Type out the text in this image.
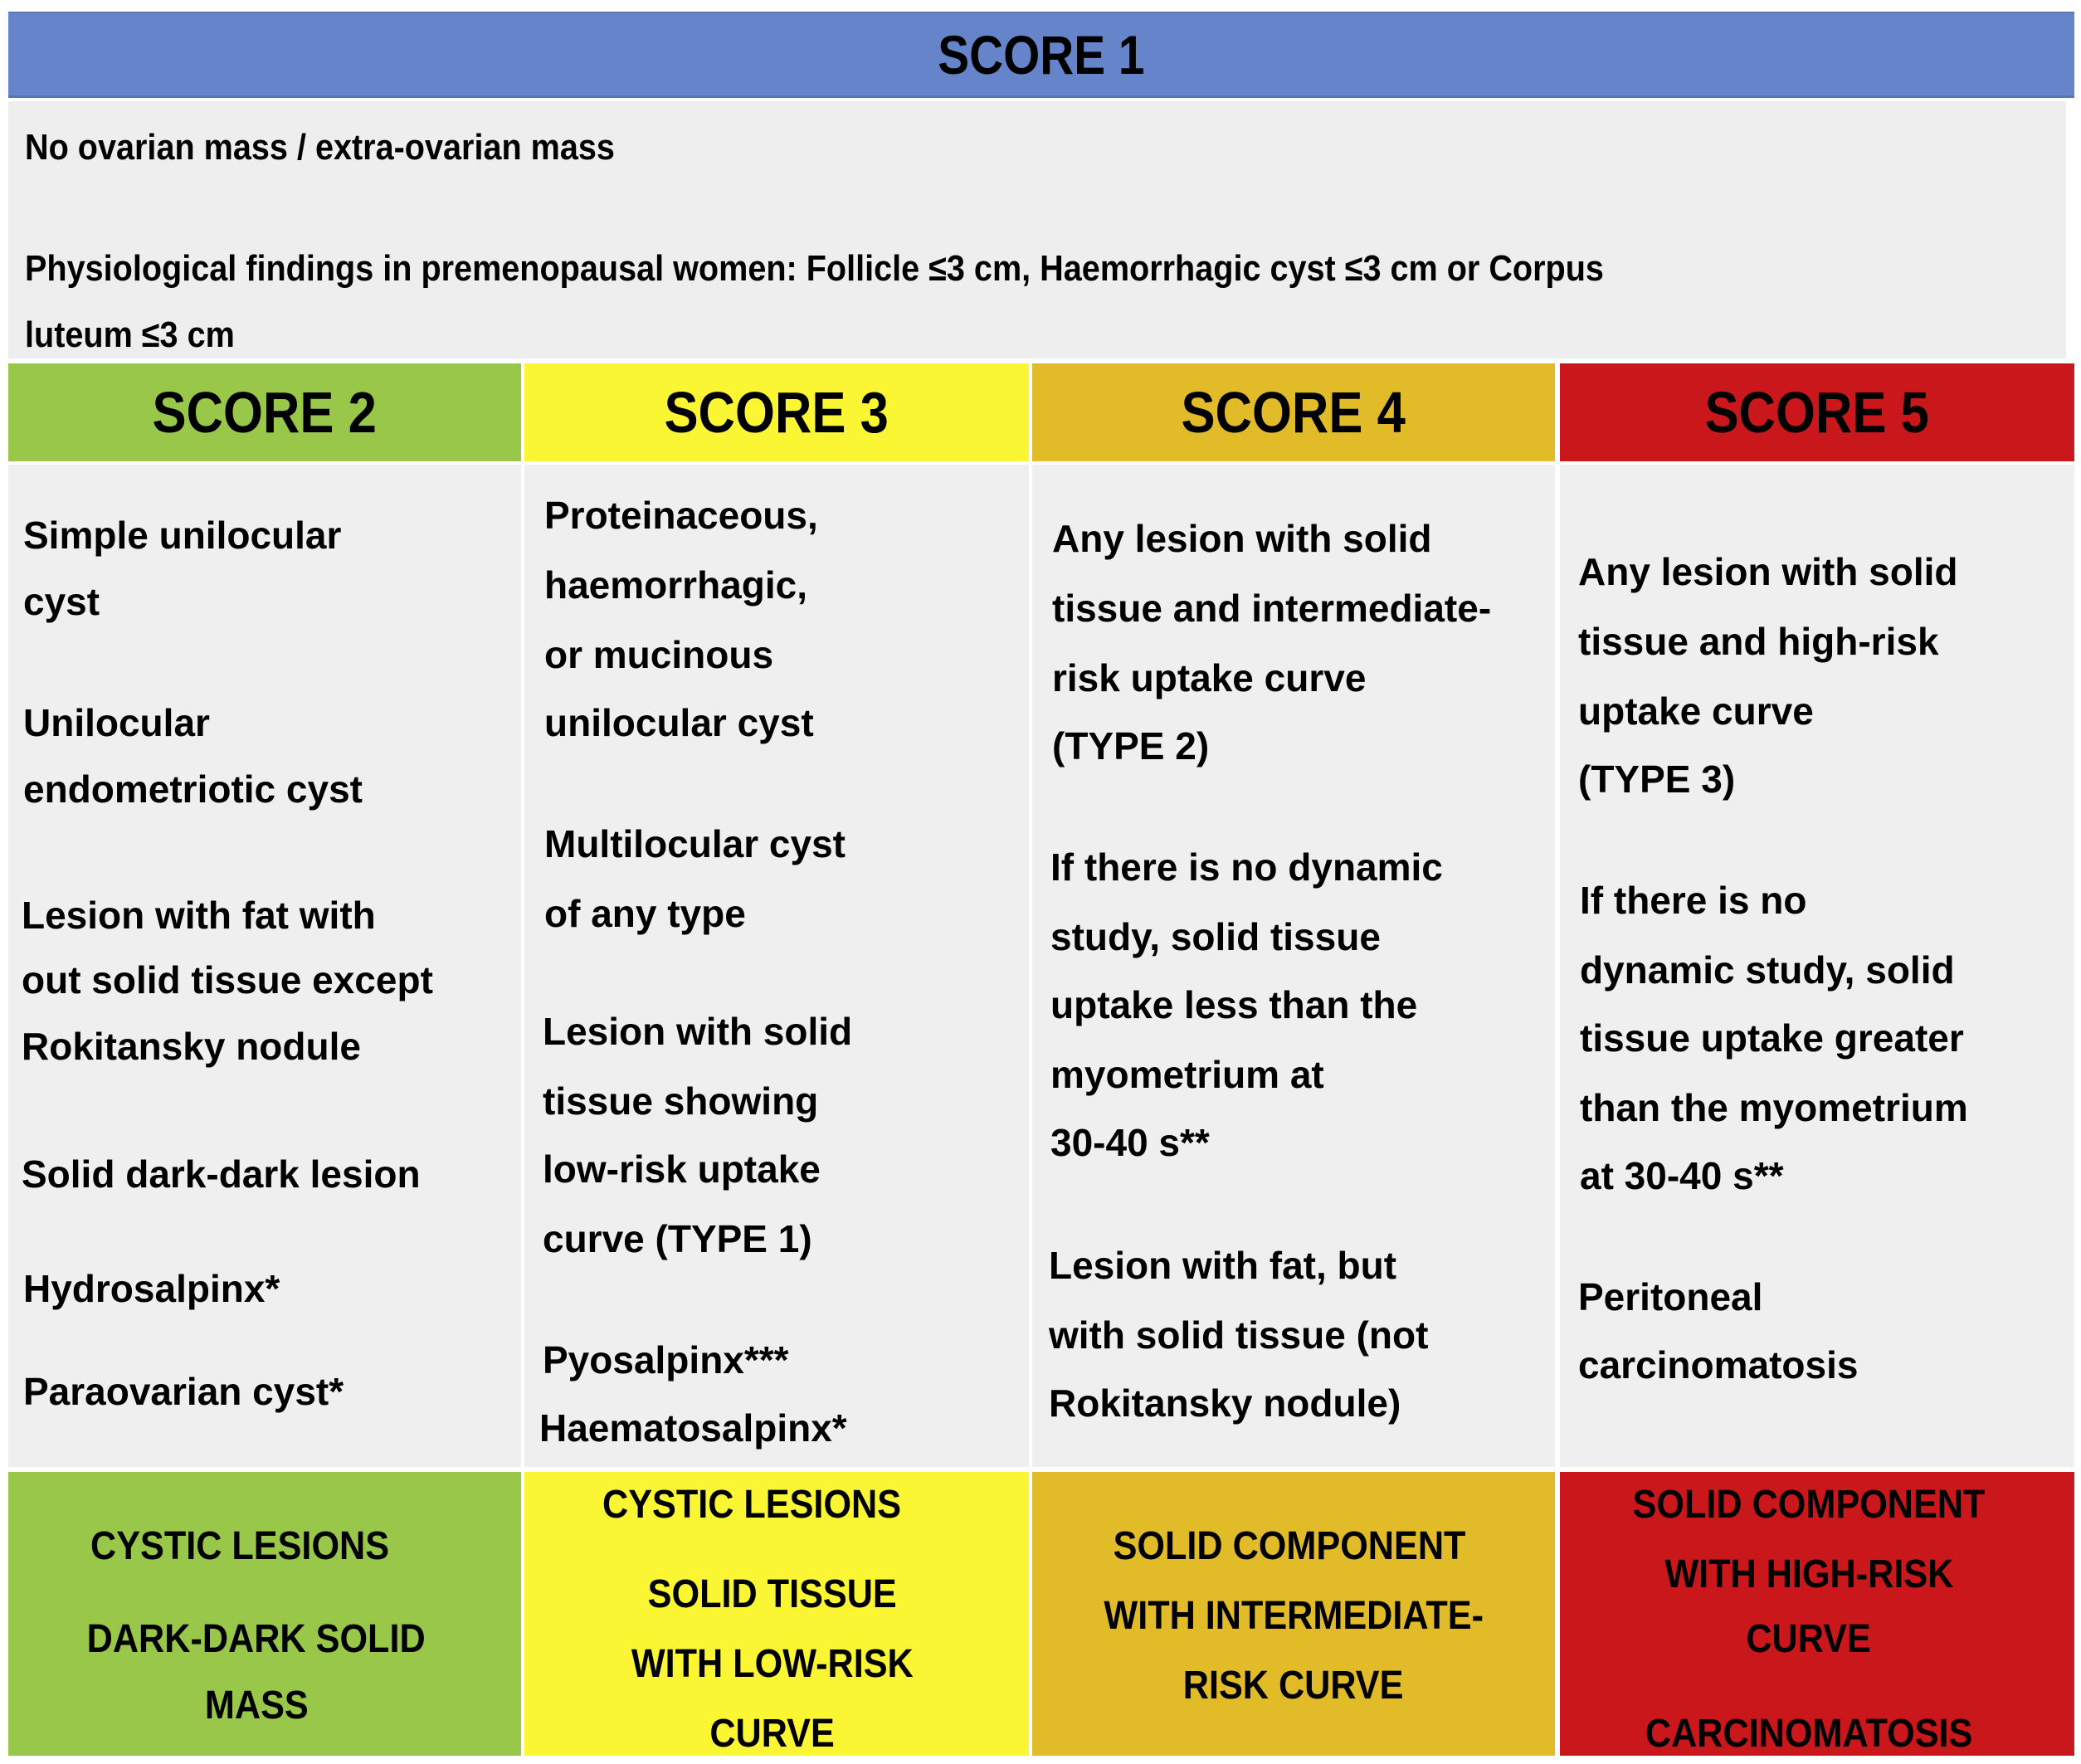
SCORE 1
No ovarian mass / extra-ovarian mass
Physiological findings in premenopausal women: Follicle ≤3 cm, Haemorrhagic cyst ≤3 cm or Corpus
luteum ≤3 cm
SCORE 2
Simple unilocular
cyst
Unilocular
endometriotic cyst
Lesion with fat with
out solid tissue except
Rokitansky nodule
Solid dark-dark lesion
Hydrosalpinx*
Paraovarian cyst*
CYSTIC LESIONS
DARK-DARK SOLID
MASS
SCORE 3
Proteinaceous,
haemorrhagic,
or mucinous
unilocular cyst
Multilocular cyst
of any type
Lesion with solid
tissue showing
low-risk uptake
curve (TYPE 1)
Pyosalpinx***
Haematosalpinx*
CYSTIC LESIONS
SOLID TISSUE
WITH LOW-RISK
CURVE
SCORE 4
Any lesion with solid
tissue and intermediate-
risk uptake curve
(TYPE 2)
If there is no dynamic
study, solid tissue
uptake less than the
myometrium at
30-40 s**
Lesion with fat, but
with solid tissue (not
Rokitansky nodule)
SOLID COMPONENT
WITH INTERMEDIATE-
RISK CURVE
SCORE 5
Any lesion with solid
tissue and high-risk
uptake curve
(TYPE 3)
If there is no
dynamic study, solid
tissue uptake greater
than the myometrium
at 30-40 s**
Peritoneal
carcinomatosis
SOLID COMPONENT
WITH HIGH-RISK
CURVE
CARCINOMATOSIS
